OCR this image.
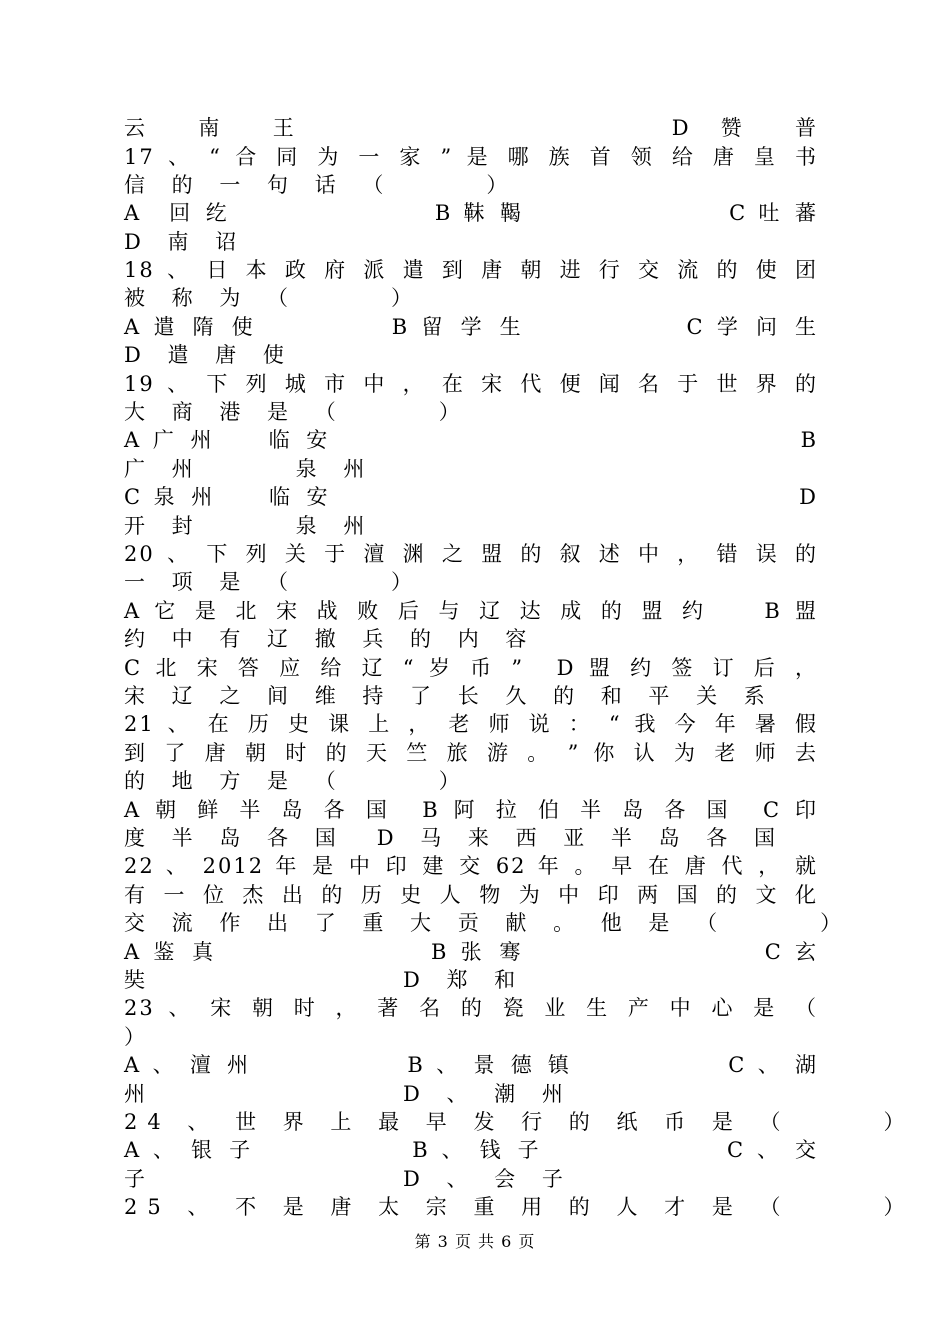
云 南 王　　　　　　　　D 赞 普
17 、 “ 合 同 为 一 家 ” 是 哪 族 首 领 给 唐 皇 书
信 的 一 句 话 （　　　）
A　回 纥　　　　　　　　B 靺 鞨　　　　　　　　C 吐 蕃
D 南 诏
18 、 日 本 政 府 派 遣 到 唐 朝 进 行 交 流 的 使 团
被 称 为 （　　　）
A 遣 隋 使　　　　　B 留 学 生　　　　　　C 学 问 生
D 遣 唐 使
19 、 下 列 城 市 中 ， 在 宋 代 便 闻 名 于 世 界 的
大 商 港 是 （　　　）
A 广 州　　临 安　　　　　　　　　　　　　　　　　　B
广 州　　　泉 州
C 泉 州　　临 安　　　　　　　　　　　　　　　　　　D
开 封　　　泉 州
20 、 下 列 关 于 澶 渊 之 盟 的 叙 述 中 ， 错 误 的
一 项 是 （　　　）
A 它 是 北 宋 战 败 后 与 辽 达 成 的 盟 约　　B 盟
约 中 有 辽 撤 兵 的 内 容
C 北 宋 答 应 给 辽 “ 岁 币 ”　D 盟 约 签 订 后 ，
宋 辽 之 间 维 持 了 长 久 的 和 平 关 系
21 、 在 历 史 课 上 ， 老 师 说 ： “ 我 今 年 暑 假
到 了 唐 朝 时 的 天 竺 旅 游 。 ” 你 认 为 老 师 去
的 地 方 是 （　　　）
A 朝 鲜 半 岛 各 国　B 阿 拉 伯 半 岛 各 国　C 印
度 半 岛 各 国　D 马 来 西 亚 半 岛 各 国
22 、 2012 年 是 中 印 建 交 62 年 。 早 在 唐 代 ， 就
有 一 位 杰 出 的 历 史 人 物 为 中 印 两 国 的 文 化
交 流 作 出 了 重 大 贡 献 。 他 是 （　　　）
A 鉴 真　　　　　　　　B 张 骞　　　　　　　　　C 玄
奘　　　　　　　　D 郑 和
23 、 宋 朝 时 ， 著 名 的 瓷 业 生 产 中 心 是 （
）
A 、 澶 州　　　　　　B 、 景 德 镇　　　　　　C 、 湖
州　　　　　　　　D 、 潮 州
24 、 世 界 上 最 早 发 行 的 纸 币 是 （　　　）
A 、 银 子　　　　　　B 、 钱 子　　　　　　　C 、 交
子　　　　　　　　D 、 会 子
25 、 不 是 唐 太 宗 重 用 的 人 才 是 （　　　）
第 3 页 共 6 页
